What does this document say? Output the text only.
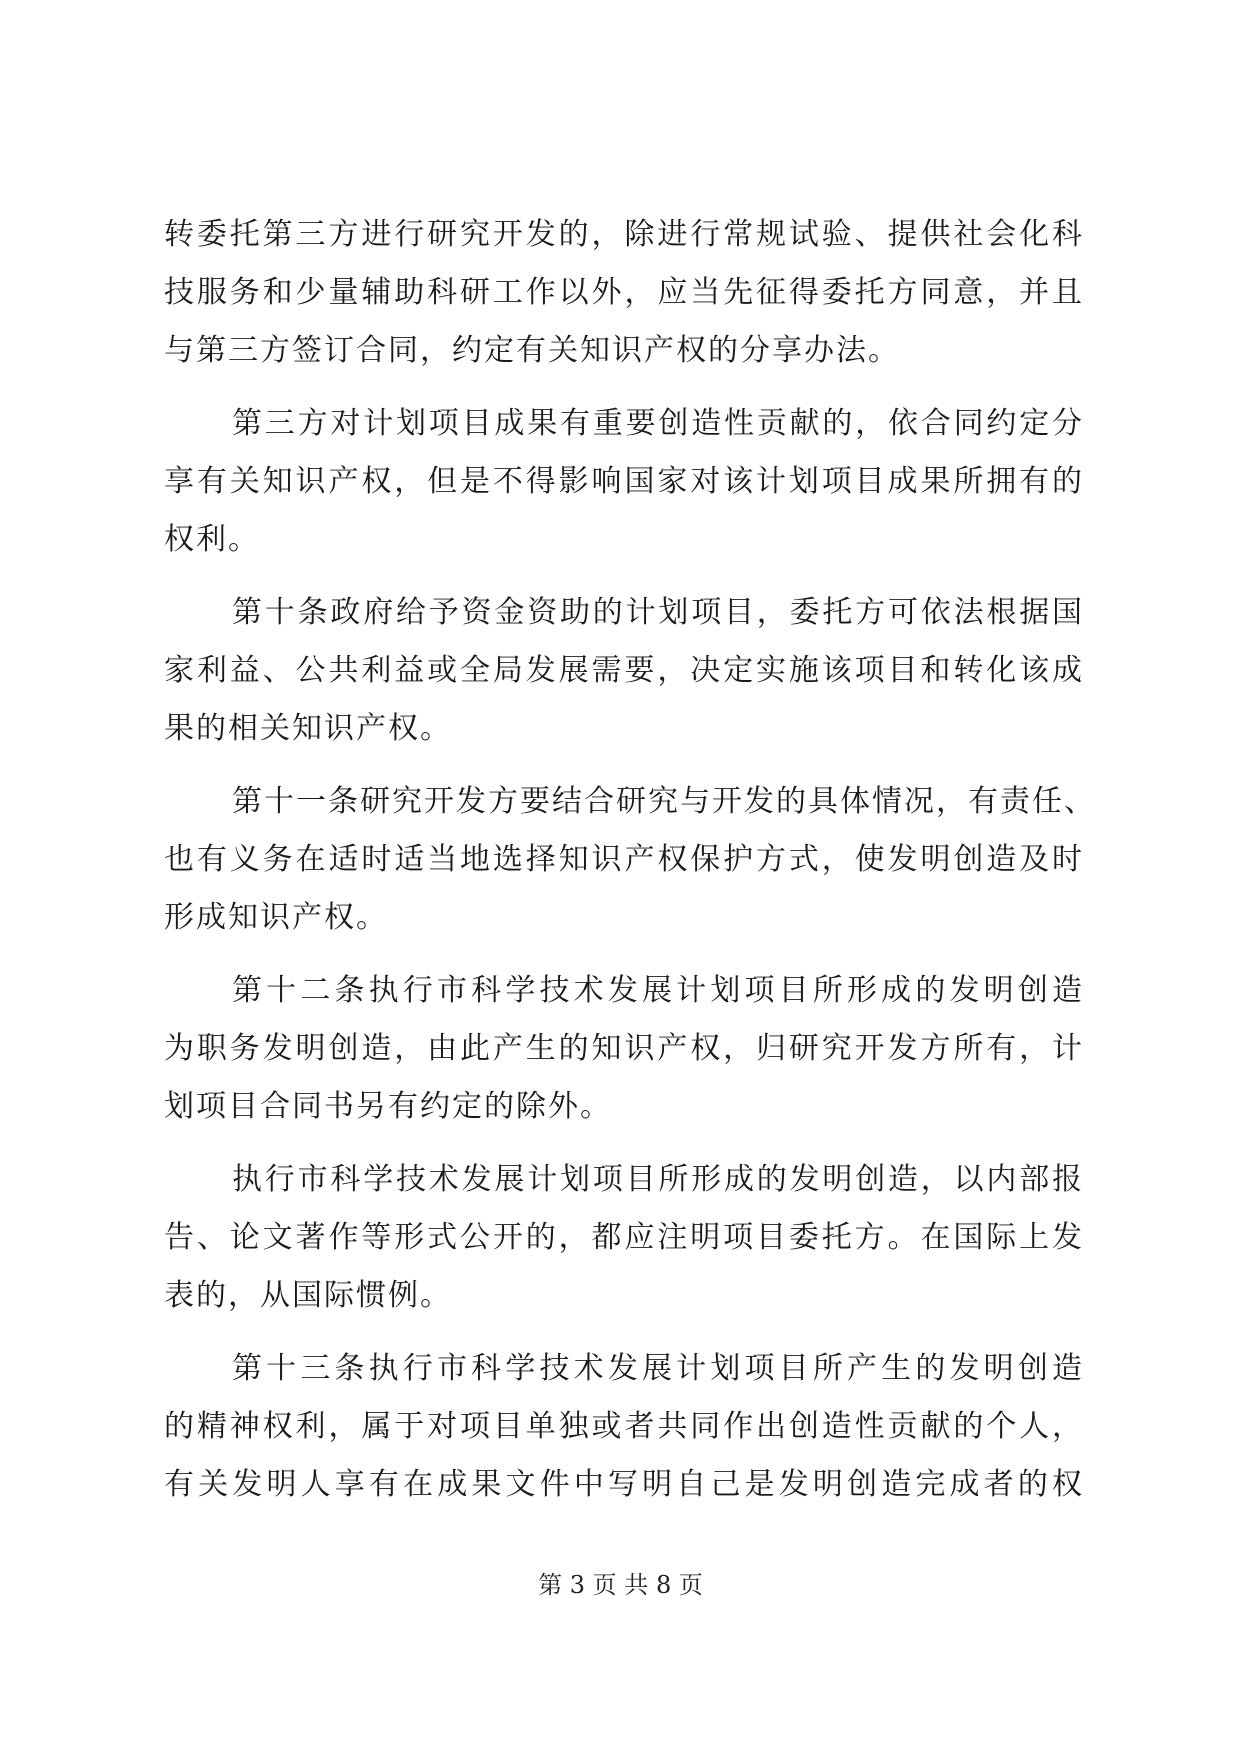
转委托第三方进行研究开发的，除进行常规试验、提供社会化科

技服务和少量辅助科研工作以外，应当先征得委托方同意，并且

与第三方签订合同，约定有关知识产权的分享办法。

第三方对计划项目成果有重要创造性贡献的，依合同约定分

享有关知识产权，但是不得影响国家对该计划项目成果所拥有的

权利。

第十条政府给予资金资助的计划项目，委托方可依法根据国

家利益、公共利益或全局发展需要，决定实施该项目和转化该成

果的相关知识产权。

第十一条研究开发方要结合研究与开发的具体情况，有责任、

也有义务在适时适当地选择知识产权保护方式，使发明创造及时

形成知识产权。

第十二条执行市科学技术发展计划项目所形成的发明创造

为职务发明创造，由此产生的知识产权，归研究开发方所有，计

划项目合同书另有约定的除外。

执行市科学技术发展计划项目所形成的发明创造，以内部报

告、论文著作等形式公开的，都应注明项目委托方。在国际上发

表的，从国际惯例。

第十三条执行市科学技术发展计划项目所产生的发明创造

的精神权利，属于对项目单独或者共同作出创造性贡献的个人，

有关发明人享有在成果文件中写明自己是发明创造完成者的权

第 3 页 共 8 页
